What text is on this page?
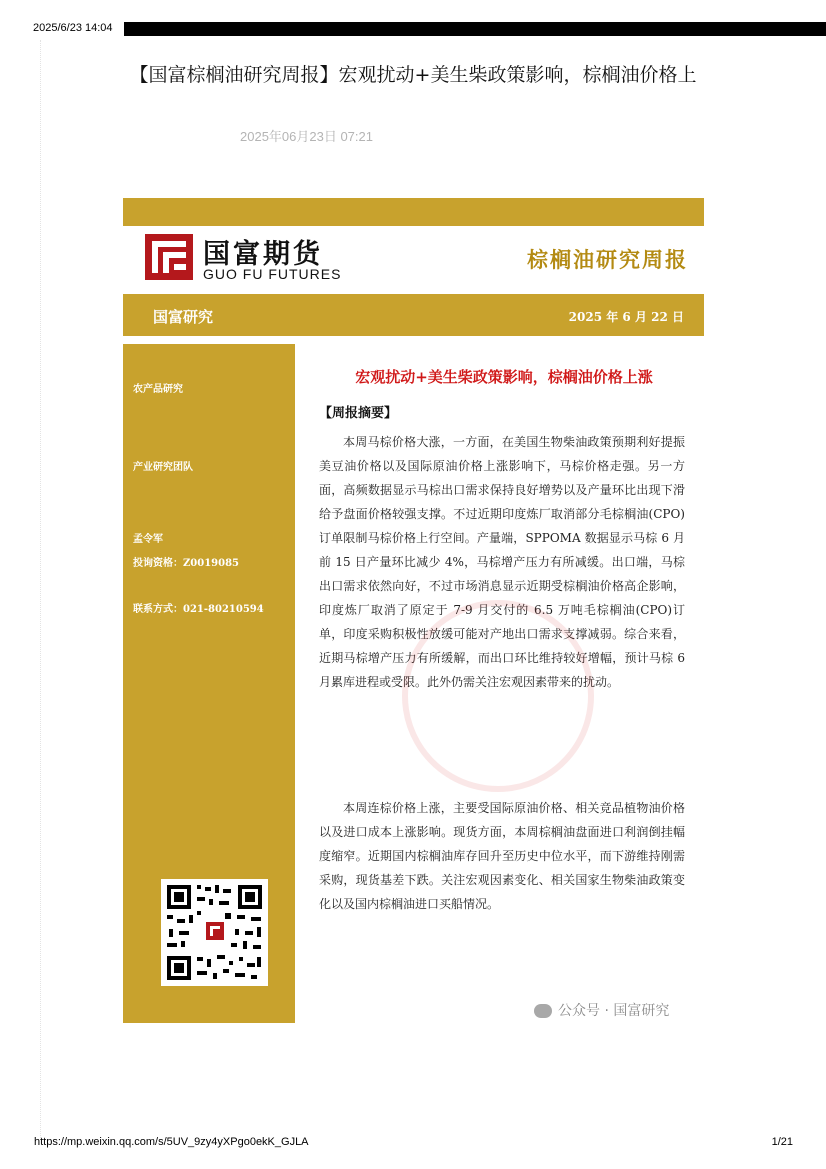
2025/6/23 14:04
【国富棕榈油研究周报】宏观扰动+美生柴政策影响，棕榈油价格上
2025年06月23日 07:21
国富期货
GUO FU FUTURES
棕榈油研究周报
国富研究	2025 年 6 月 22 日
农产品研究
产业研究团队
孟令军
投询资格：Z0019085
联系方式：021-80210594
宏观扰动+美生柴政策影响，棕榈油价格上涨
【周报摘要】
本周马棕价格大涨，一方面，在美国生物柴油政策预期利好提振美豆油价格以及国际原油价格上涨影响下，马棕价格走强。另一方面，高频数据显示马棕出口需求保持良好增势以及产量环比出现下滑给予盘面价格较强支撑。不过近期印度炼厂取消部分毛棕榈油(CPO)订单限制马棕价格上行空间。产量端，SPPOMA 数据显示马棕 6 月前 15 日产量环比减少 4%，马棕增产压力有所减缓。出口端，马棕出口需求依然向好，不过市场消息显示近期受棕榈油价格高企影响，印度炼厂取消了原定于 7-9 月交付的 6.5 万吨毛棕榈油(CPO)订单，印度采购积极性放缓可能对产地出口需求支撑减弱。综合来看，近期马棕增产压力有所缓解，而出口环比维持较好增幅，预计马棕 6 月累库进程或受限。此外仍需关注宏观因素带来的扰动。
本周连棕价格上涨，主要受国际原油价格、相关竞品植物油价格以及进口成本上涨影响。现货方面，本周棕榈油盘面进口利润倒挂幅度缩窄。近期国内棕榈油库存回升至历史中位水平，而下游维持刚需采购，现货基差下跌。关注宏观因素变化、相关国家生物柴油政策变化以及国内棕榈油进口买船情况。
公众号 · 国富研究
https://mp.weixin.qq.com/s/5UV_9zy4yXPgo0ekK_GJLA	1/21
